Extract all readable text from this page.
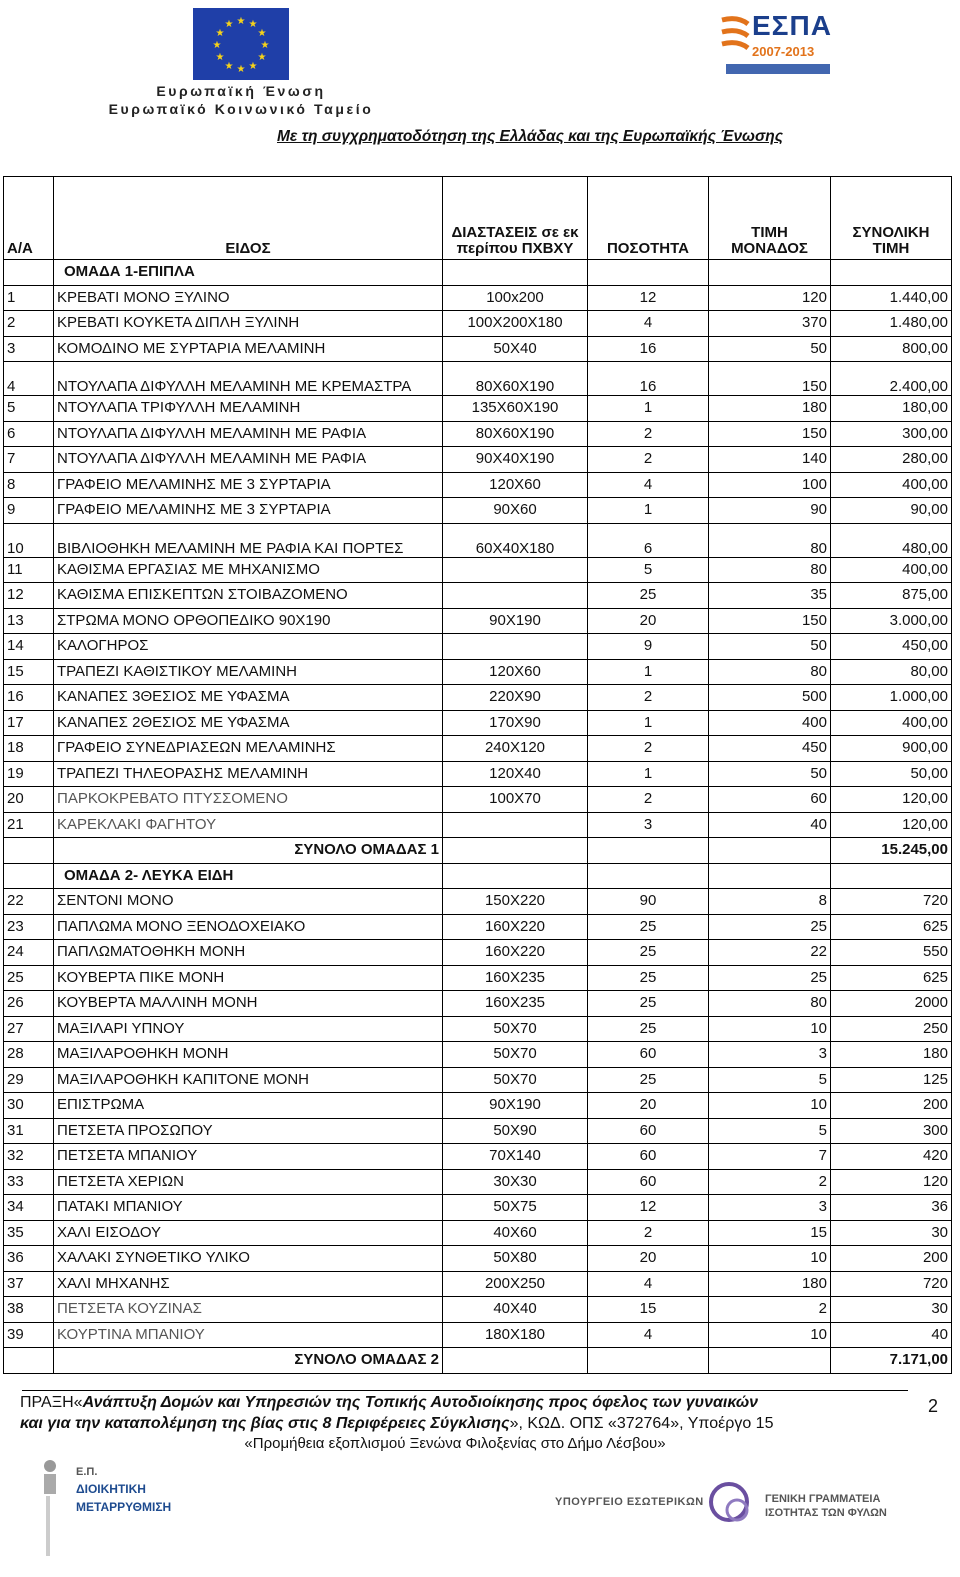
★ ★
★
★
★
★
★
★
★
★
★
★
Ευρωπαϊκή Ένωση
Ευρωπαϊκό Κοινωνικό Ταμείο
ΕΣΠΑ
2007-2013
Με τη συγχρηματοδότηση της Ελλάδας και της Ευρωπαϊκής Ένωσης
Α/Α	ΕΙΔΟΣ	ΔΙΑΣΤΑΣΕΙΣ σε εκ περίπου ΠΧΒΧΥ	ΠΟΣΟΤΗΤΑ	ΤΙΜΗ ΜΟΝΑΔΟΣ	ΣΥΝΟΛΙΚΗ ΤΙΜΗ
	ΟΜΑΔΑ 1-ΕΠΙΠΛΑ				
1	ΚΡΕΒΑΤΙ ΜΟΝΟ ΞΥΛΙΝΟ	100x200	12	120	1.440,00
2	ΚΡΕΒΑΤΙ ΚΟΥΚΕΤΑ ΔΙΠΛΗ ΞΥΛΙΝΗ	100X200X180	4	370	1.480,00
3	ΚΟΜΟΔΙΝΟ ΜΕ ΣΥΡΤΑΡΙΑ ΜΕΛΑΜΙΝΗ	50X40	16	50	800,00
4	ΝΤΟΥΛΑΠΑ ΔΙΦΥΛΛΗ ΜΕΛΑΜΙΝΗ ΜΕ ΚΡΕΜΑΣΤΡΑ	80X60X190	16	150	2.400,00
5	ΝΤΟΥΛΑΠΑ ΤΡΙΦΥΛΛΗ ΜΕΛΑΜΙΝΗ	135X60X190	1	180	180,00
6	ΝΤΟΥΛΑΠΑ ΔΙΦΥΛΛΗ ΜΕΛΑΜΙΝΗ ΜΕ ΡΑΦΙΑ	80X60X190	2	150	300,00
7	ΝΤΟΥΛΑΠΑ ΔΙΦΥΛΛΗ ΜΕΛΑΜΙΝΗ ΜΕ ΡΑΦΙΑ	90X40X190	2	140	280,00
8	ΓΡΑΦΕΙΟ ΜΕΛΑΜΙΝΗΣ ΜΕ 3 ΣΥΡΤΑΡΙΑ	120X60	4	100	400,00
9	ΓΡΑΦΕΙΟ ΜΕΛΑΜΙΝΗΣ ΜΕ 3 ΣΥΡΤΑΡΙΑ	90X60	1	90	90,00
10	ΒΙΒΛΙΟΘΗΚΗ ΜΕΛΑΜΙΝΗ ΜΕ ΡΑΦΙΑ ΚΑΙ ΠΟΡΤΕΣ	60X40X180	6	80	480,00
11	ΚΑΘΙΣΜΑ ΕΡΓΑΣΙΑΣ ΜΕ ΜΗΧΑΝΙΣΜΟ		5	80	400,00
12	ΚΑΘΙΣΜΑ ΕΠΙΣΚΕΠΤΩΝ ΣΤΟΙΒΑΖΟΜΕΝΟ		25	35	875,00
13	ΣΤΡΩΜΑ ΜΟΝΟ ΟΡΘΟΠΕΔΙΚΟ 90Χ190	90X190	20	150	3.000,00
14	ΚΑΛΟΓΗΡΟΣ		9	50	450,00
15	ΤΡΑΠΕΖΙ ΚΑΘΙΣΤΙΚΟΥ ΜΕΛΑΜΙΝΗ	120X60	1	80	80,00
16	ΚΑΝΑΠΕΣ 3ΘΕΣΙΟΣ ΜΕ ΥΦΑΣΜΑ	220X90	2	500	1.000,00
17	ΚΑΝΑΠΕΣ 2ΘΕΣΙΟΣ ΜΕ ΥΦΑΣΜΑ	170X90	1	400	400,00
18	ΓΡΑΦΕΙΟ ΣΥΝΕΔΡΙΑΣΕΩΝ ΜΕΛΑΜΙΝΗΣ	240X120	2	450	900,00
19	ΤΡΑΠΕΖΙ ΤΗΛΕΟΡΑΣΗΣ ΜΕΛΑΜΙΝΗ	120X40	1	50	50,00
20	ΠΑΡΚΟΚΡΕΒΑΤΟ ΠΤΥΣΣΟΜΕΝΟ	100X70	2	60	120,00
21	ΚΑΡΕΚΛΑΚΙ ΦΑΓΗΤΟΥ		3	40	120,00
	ΣΥΝΟΛΟ ΟΜΑΔΑΣ 1				15.245,00
	ΟΜΑΔΑ 2- ΛΕΥΚΑ ΕΙΔΗ				
22	ΣΕΝΤΟΝΙ ΜΟΝΟ	150X220	90	8	720
23	ΠΑΠΛΩΜΑ ΜΟΝΟ ΞΕΝΟΔΟΧΕΙΑΚΟ	160X220	25	25	625
24	ΠΑΠΛΩΜΑΤΟΘΗΚΗ ΜΟΝΗ	160X220	25	22	550
25	ΚΟΥΒΕΡΤΑ ΠΙΚΕ ΜΟΝΗ	160X235	25	25	625
26	ΚΟΥΒΕΡΤΑ ΜΑΛΛΙΝΗ ΜΟΝΗ	160X235	25	80	2000
27	ΜΑΞΙΛΑΡΙ ΥΠΝΟΥ	50X70	25	10	250
28	ΜΑΞΙΛΑΡΟΘΗΚΗ ΜΟΝΗ	50X70	60	3	180
29	ΜΑΞΙΛΑΡΟΘΗΚΗ ΚΑΠΙΤΟΝΕ ΜΟΝΗ	50X70	25	5	125
30	ΕΠΙΣΤΡΩΜΑ	90X190	20	10	200
31	ΠΕΤΣΕΤΑ ΠΡΟΣΩΠΟΥ	50X90	60	5	300
32	ΠΕΤΣΕΤΑ ΜΠΑΝΙΟΥ	70X140	60	7	420
33	ΠΕΤΣΕΤΑ ΧΕΡΙΩΝ	30X30	60	2	120
34	ΠΑΤΑΚΙ ΜΠΑΝΙΟΥ	50X75	12	3	36
35	ΧΑΛΙ ΕΙΣΟΔΟΥ	40X60	2	15	30
36	ΧΑΛΑΚΙ ΣΥΝΘΕΤΙΚΟ ΥΛΙΚΟ	50X80	20	10	200
37	ΧΑΛΙ ΜΗΧΑΝΗΣ	200X250	4	180	720
38	ΠΕΤΣΕΤΑ ΚΟΥΖΙΝΑΣ	40X40	15	2	30
39	ΚΟΥΡΤΙΝΑ ΜΠΑΝΙΟΥ	180X180	4	10	40
	ΣΥΝΟΛΟ ΟΜΑΔΑΣ 2				7.171,00
ΠΡΑΞΗ«Ανάπτυξη Δομών και Υπηρεσιών της Τοπικής Αυτοδιοίκησης προς όφελος των γυναικών
και για την καταπολέμηση της βίας στις 8 Περιφέρειες Σύγκλισης», ΚΩΔ. ΟΠΣ «372764», Υποέργο 15
«Προμήθεια εξοπλισμού Ξενώνα Φιλοξενίας στο Δήμο Λέσβου»
2
Ε.Π.
ΔΙΟΙΚΗΤΙΚΗ
ΜΕΤΑΡΡΥΘΜΙΣΗ	ΥΠΟΥΡΓΕΙΟ ΕΣΩΤΕΡΙΚΩΝ	ΓΕΝΙΚΗ ΓΡΑΜΜΑΤΕΙΑ
ΙΣΟΤΗΤΑΣ ΤΩΝ ΦΥΛΩΝ
